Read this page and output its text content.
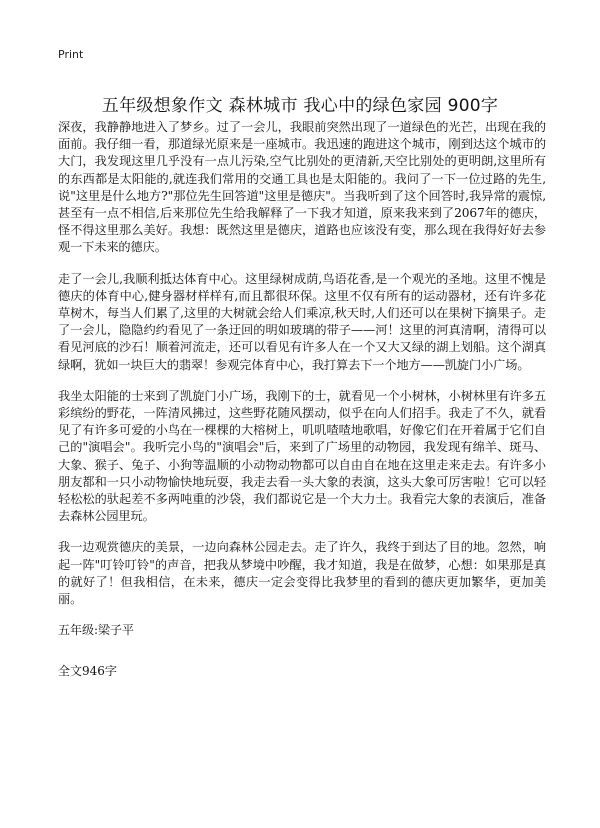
Print
五年级想象作文 森林城市 我心中的绿色家园 900字

深夜，我静静地进入了梦乡。过了一会儿，我眼前突然出现了一道绿色的光芒，出现在我的面前。我仔细一看，那道绿光原来是一座城市。我迅速的跑进这个城市，刚到达这个城市的大门，我发现这里几乎没有一点儿污染,空气比别处的更清新,天空比别处的更明朗,这里所有的东西都是太阳能的,就连我们常用的交通工具也是太阳能的。我问了一下一位过路的先生,说"这里是什么地方?"那位先生回答道"这里是德庆"。当我听到了这个回答时,我异常的震惊,甚至有一点不相信,后来那位先生给我解释了一下我才知道，原来我来到了2067年的德庆，怪不得这里那么美好。我想：既然这里是德庆，道路也应该没有变，那么现在我得好好去参观一下未来的德庆。

走了一会儿,我顺利抵达体育中心。这里绿树成荫,鸟语花香,是一个观光的圣地。这里不愧是德庆的体育中心,健身器材样样有,而且都很环保。这里不仅有所有的运动器材，还有许多花草树木，每当人们累了,这里的大树就会给人们乘凉,秋天时,人们还可以在果树下摘果子。走了一会儿，隐隐约约看见了一条迂回的明如玻璃的带子——河！这里的河真清啊，清得可以看见河底的沙石！顺着河流走，还可以看见有许多人在一个又大又绿的湖上划船。这个湖真绿啊，犹如一块巨大的翡翠！参观完体育中心，我打算去下一个地方——凯旋门小广场。

我坐太阳能的士来到了凯旋门小广场，我刚下的士，就看见一个小树林，小树林里有许多五彩缤纷的野花，一阵清风拂过，这些野花随风摆动，似乎在向人们招手。我走了不久，就看见了有许多可爱的小鸟在一棵棵的大榕树上，叽叽喳喳地歌唱，好像它们在开着属于它们自己的"演唱会"。我听完小鸟的"演唱会"后，来到了广场里的动物园，我发现有绵羊、斑马、大象、猴子、兔子、小狗等温顺的小动物动物都可以自由自在地在这里走来走去。有许多小朋友都和一只小动物愉快地玩耍，我走去看一头大象的表演，这头大象可厉害啦！它可以轻轻松松的驮起差不多两吨重的沙袋，我们都说它是一个大力士。我看完大象的表演后，准备去森林公园里玩。

我一边观赏德庆的美景，一边向森林公园走去。走了许久，我终于到达了目的地。忽然，响起一阵"叮铃叮铃"的声音，把我从梦境中吵醒，我才知道，我是在做梦，心想：如果那是真的就好了！但我相信，在未来，德庆一定会变得比我梦里的看到的德庆更加繁华，更加美丽。

五年级:梁子平
全文946字
